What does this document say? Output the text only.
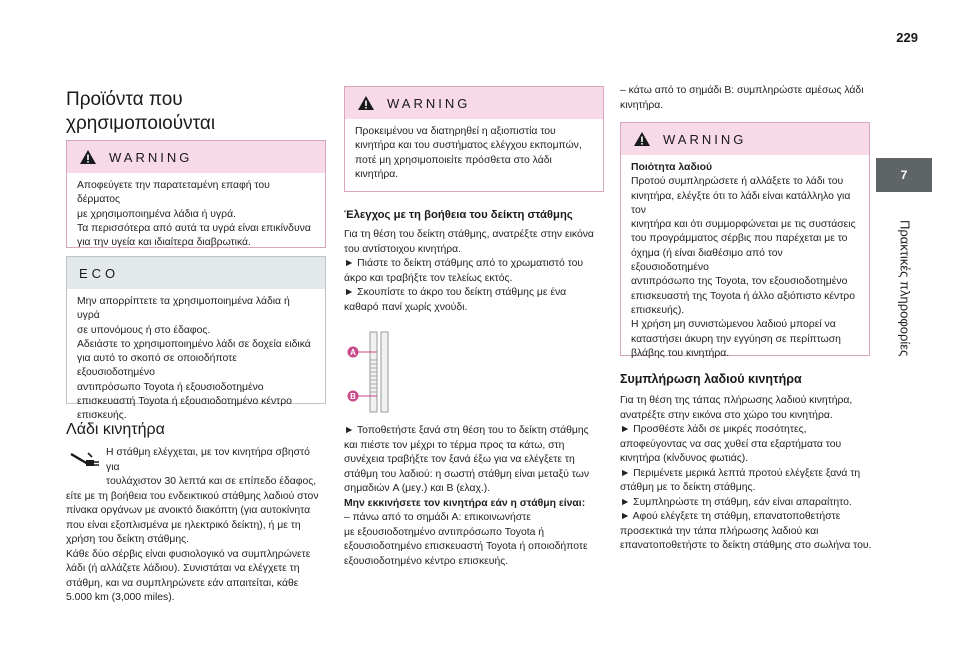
229
7
Πρακτικές πληροφορίες
Προϊόντα που
χρησιμοποιούνται
WARNING

Αποφεύγετε την παρατεταμένη επαφή του δέρματος

με χρησιμοποιημένα λάδια ή υγρά.

Τα περισσότερα από αυτά τα υγρά είναι επικίνδυνα

για την υγεία και ιδιαίτερα διαβρωτικά.

ECO

Μην απορρίπτετε τα χρησιμοποιημένα λάδια ή υγρά

σε υπονόμους ή στο έδαφος.

Αδειάστε το χρησιμοποιημένο λάδι σε δοχεία ειδικά

για αυτό το σκοπό σε οποιοδήποτε εξουσιοδοτημένο

αντιπρόσωπο Toyota ή εξουσιοδοτημένο

επισκευαστή Toyota ή εξουσιοδοτημένο κέντρο

επισκευής.

Λάδι κινητήρα

Η στάθμη ελέγχεται, με τον κινητήρα σβηστό για

τουλάχιστον 30 λεπτά και σε επίπεδο έδαφος,

είτε με τη βοήθεια του ενδεικτικού στάθμης λαδιού στον

πίνακα οργάνων με ανοικτό διακόπτη (για αυτοκίνητα

που είναι εξοπλισμένα με ηλεκτρικό δείκτη), ή με τη

χρήση του δείκτη στάθμης.

Κάθε δύο σέρβις είναι φυσιολογικό να συμπληρώνετε

λάδι (ή αλλάζετε λάδιου). Συνιστάται να ελέγχετε τη

στάθμη, και να συμπληρώνετε εάν απαιτείται, κάθε

5.000 km (3,000 miles).

WARNING

Προκειμένου να διατηρηθεί η αξιοπιστία του

κινητήρα και του συστήματος ελέγχου εκπομπών,

ποτέ μη χρησιμοποιείτε πρόσθετα στο λάδι

κινητήρα.

Έλεγχος με τη βοήθεια του δείκτη στάθμης

Για τη θέση του δείκτη στάθμης, ανατρέξτε στην εικόνα

του αντίστοιχου κινητήρα.

► Πιάστε το δείκτη στάθμης από το χρωματιστό του

άκρο και τραβήξτε τον τελείως εκτός.

► Σκουπίστε το άκρο του δείκτη στάθμης με ένα

καθαρό πανί χωρίς χνούδι.

A
B

► Τοποθετήστε ξανά στη θέση του το δείκτη στάθμης

και πιέστε τον μέχρι το τέρμα προς τα κάτω, στη

συνέχεια τραβήξτε τον ξανά έξω για να ελέγξετε τη

στάθμη του λαδιού: η σωστή στάθμη είναι μεταξύ των

σημαδιών A (μεγ.) και B (ελαχ.).

Μην εκκινήσετε τον κινητήρα εάν η στάθμη είναι:

– πάνω από το σημάδι A: επικοινωνήστε

με εξουσιοδοτημένο αντιπρόσωπο Toyota ή

εξουσιοδοτημένο επισκευαστή Toyota ή οποιοδήποτε

εξουσιοδοτημένο κέντρο επισκευής.

– κάτω από το σημάδι B: συμπληρώστε αμέσως λάδι

κινητήρα.

WARNING

Ποιότητα λαδιού

Προτού συμπληρώσετε ή αλλάξετε το λάδι του

κινητήρα, ελέγξτε ότι το λάδι είναι κατάλληλο για τον

κινητήρα και ότι συμμορφώνεται με τις συστάσεις

του προγράμματος σέρβις που παρέχεται με το

όχημα (ή είναι διαθέσιμο από τον εξουσιοδοτημένο

αντιπρόσωπο της Toyota, τον εξουσιοδοτημένο

επισκευαστή της Toyota ή άλλο αξιόπιστο κέντρο

επισκευής).

Η χρήση μη συνιστώμενου λαδιού μπορεί να

καταστήσει άκυρη την εγγύηση σε περίπτωση

βλάβης του κινητήρα.

Συμπλήρωση λαδιού κινητήρα

Για τη θέση της τάπας πλήρωσης λαδιού κινητήρα,

ανατρέξτε στην εικόνα στο χώρο του κινητήρα.

► Προσθέστε λάδι σε μικρές ποσότητες,

αποφεύγοντας να σας χυθεί στα εξαρτήματα του

κινητήρα (κίνδυνος φωτιάς).

► Περιμένετε μερικά λεπτά προτού ελέγξετε ξανά τη

στάθμη με το δείκτη στάθμης.

► Συμπληρώστε τη στάθμη, εάν είναι απαραίτητο.

► Αφού ελέγξετε τη στάθμη, επανατοποθετήστε

προσεκτικά την τάπα πλήρωσης λαδιού και

επανατοποθετήστε το δείκτη στάθμης στο σωλήνα του.
